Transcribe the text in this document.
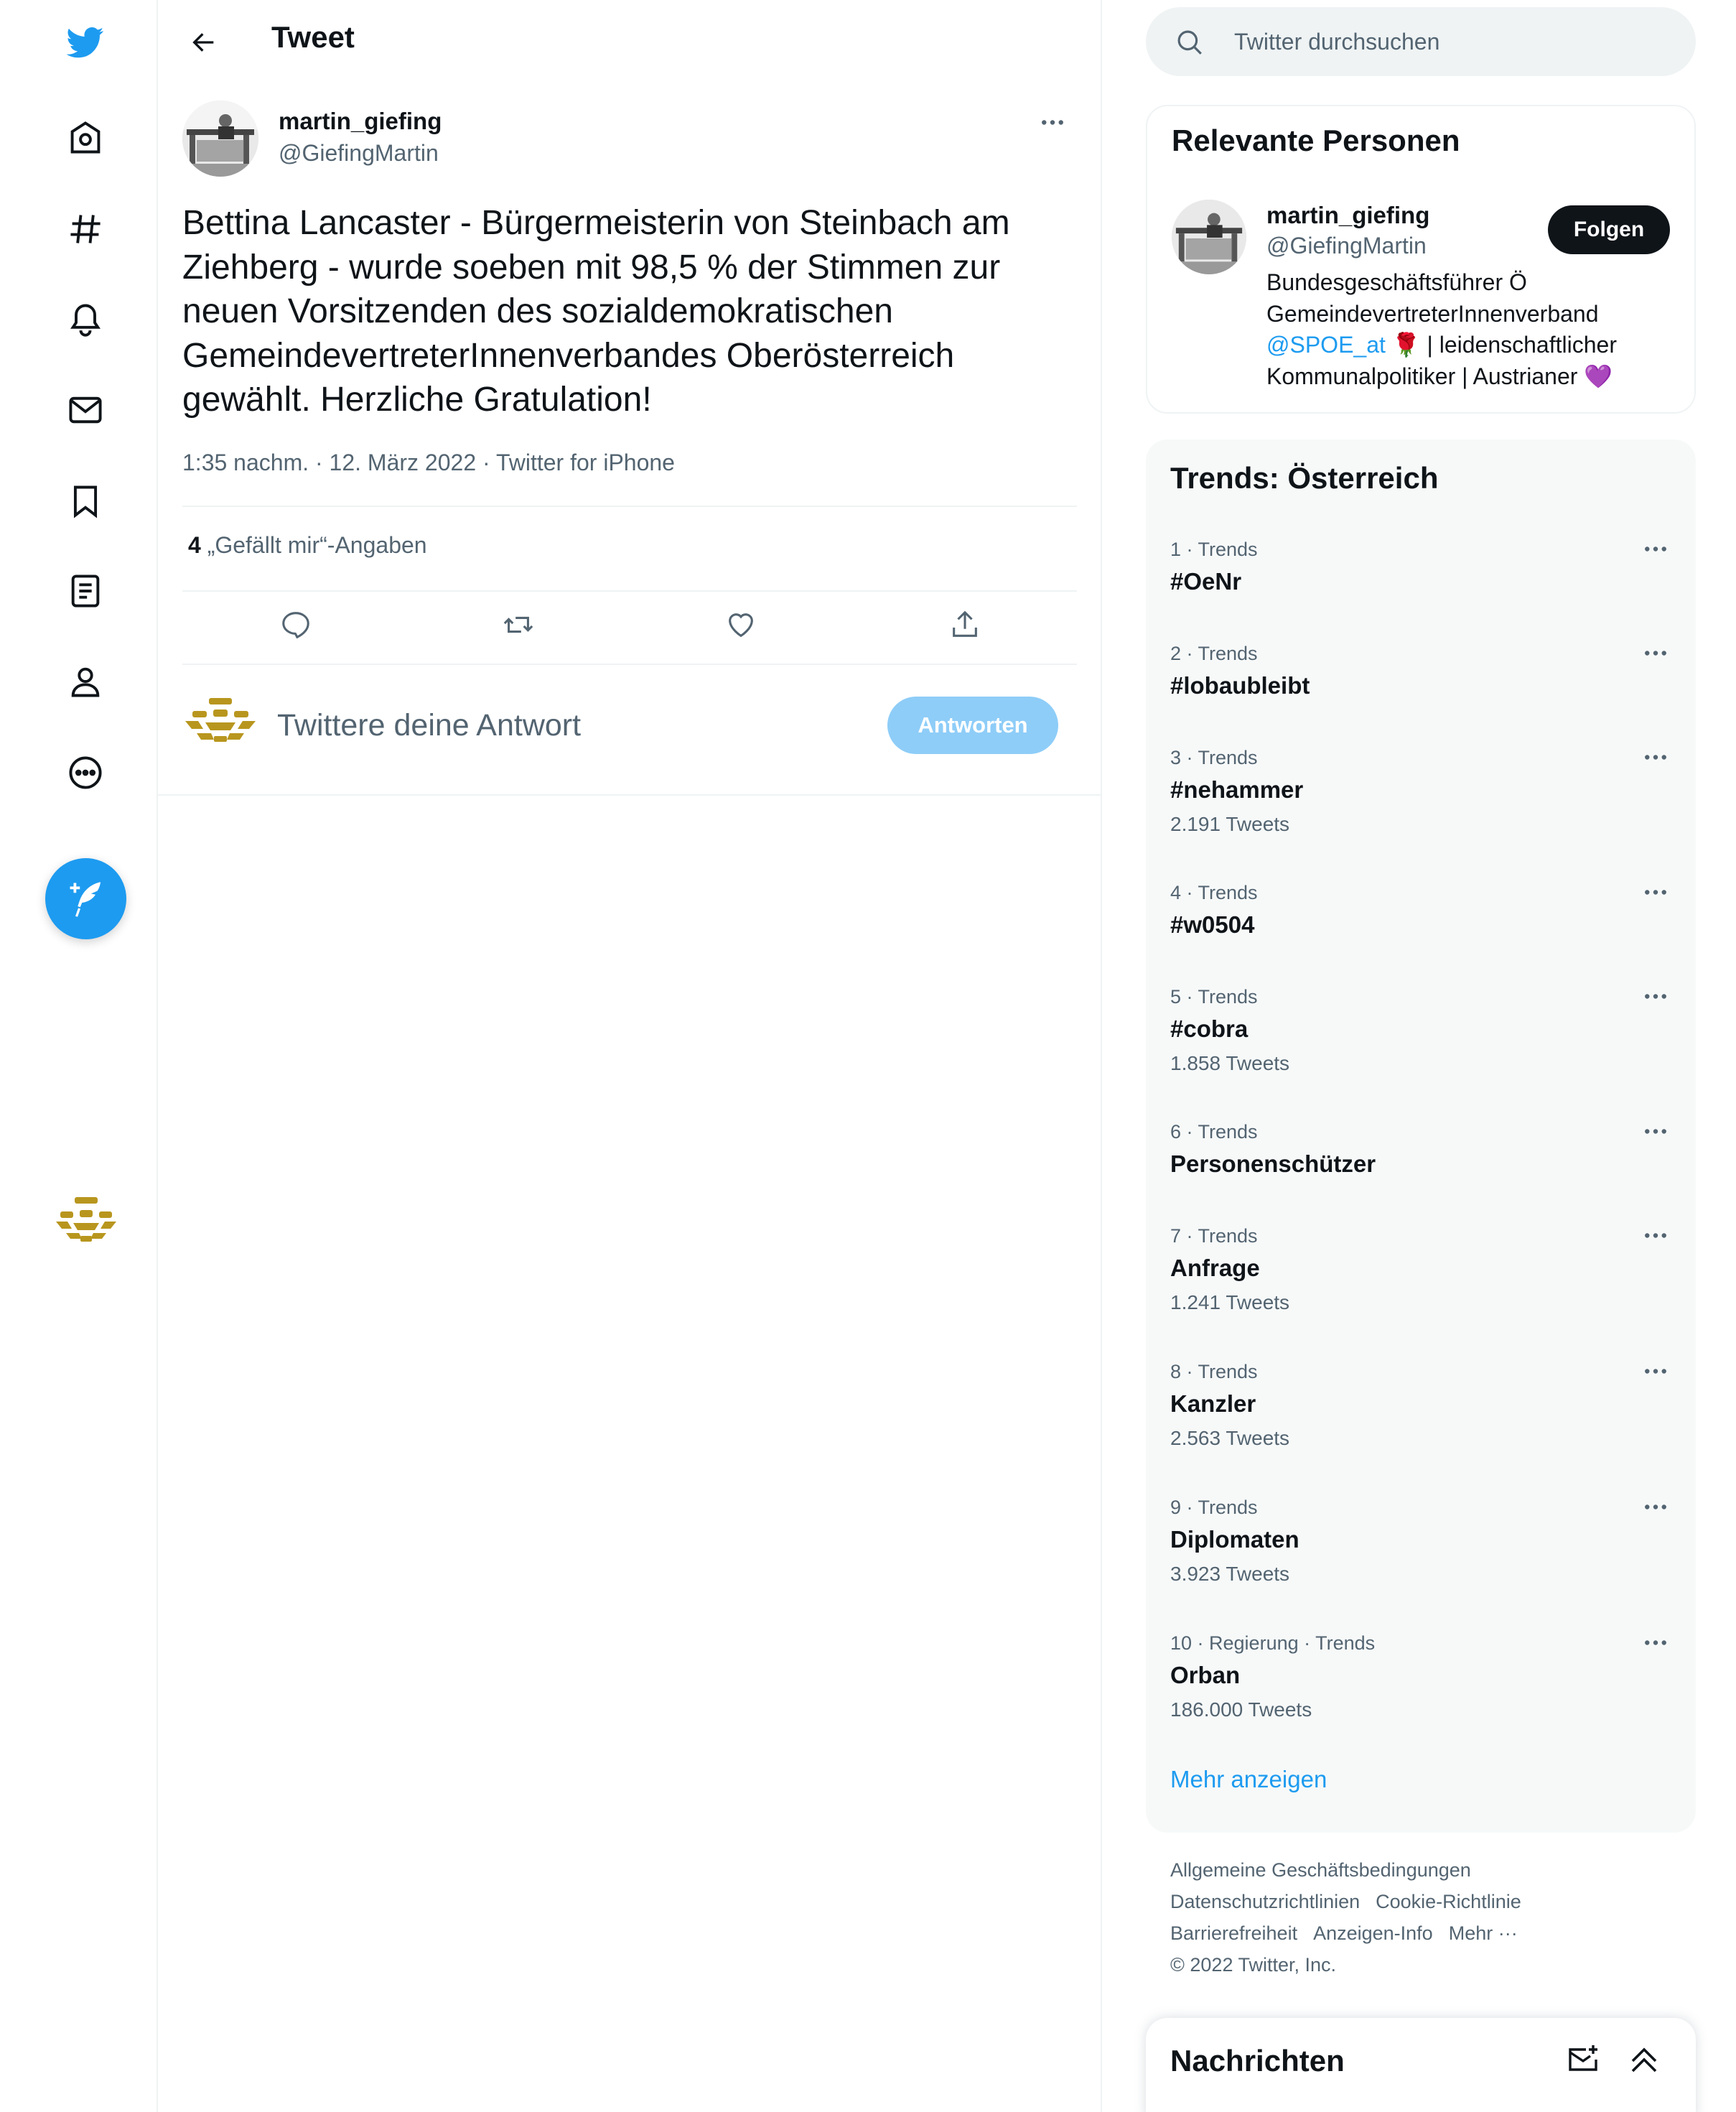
Tweet
martin_giefing
@GiefingMartin
Bettina Lancaster - Bürgermeisterin von Steinbach am Ziehberg - wurde soeben mit 98,5 % der Stimmen zur neuen Vorsitzenden des sozialdemokratischen GemeindevertreterInnenverbandes Oberösterreich gewählt. Herzliche Gratulation!
1:35 nachm. · 12. März 2022 · Twitter for iPhone
4 „Gefällt mir“-Angaben
Twittere deine Antwort
Antworten
Twitter durchsuchen
Relevante Personen
martin_giefing
@GiefingMartin
Folgen
Bundesgeschäftsführer Ö GemeindevertreterInnenverband @SPOE_at 🌹 | leidenschaftlicher Kommunalpolitiker | Austrianer 💜
Trends: Österreich
1 · Trends
#OeNr
2 · Trends
#lobaubleibt
3 · Trends
#nehammer
2.191 Tweets
4 · Trends
#w0504
5 · Trends
#cobra
1.858 Tweets
6 · Trends
Personenschützer
7 · Trends
Anfrage
1.241 Tweets
8 · Trends
Kanzler
2.563 Tweets
9 · Trends
Diplomaten
3.923 Tweets
10 · Regierung · Trends
Orban
186.000 Tweets
Mehr anzeigen
Allgemeine Geschäftsbedingungen
Datenschutzrichtlinien Cookie-Richtlinie
Barrierefreiheit Anzeigen-Info Mehr ···
© 2022 Twitter, Inc.
Nachrichten
